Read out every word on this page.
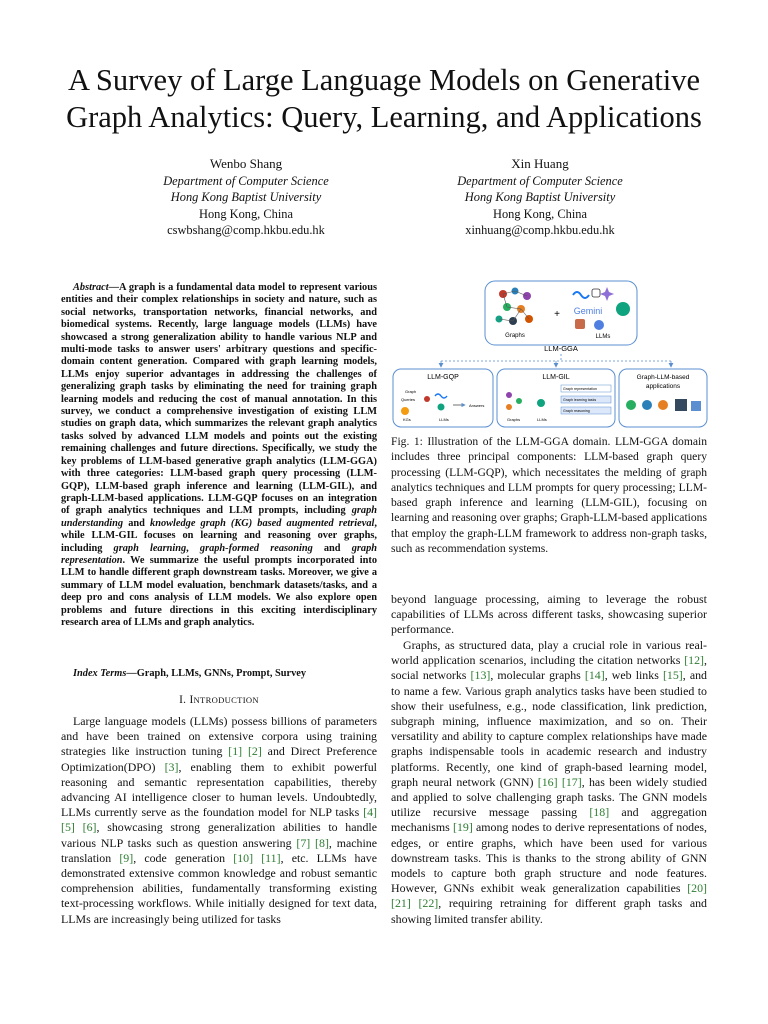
A Survey of Large Language Models on Generative Graph Analytics: Query, Learning, and Applications
Wenbo Shang
Department of Computer Science
Hong Kong Baptist University
Hong Kong, China
cswbshang@comp.hkbu.edu.hk
Xin Huang
Department of Computer Science
Hong Kong Baptist University
Hong Kong, China
xinhuang@comp.hkbu.edu.hk
Abstract—A graph is a fundamental data model to represent various entities and their complex relationships in society and nature, such as social networks, transportation networks, financial networks, and biomedical systems. Recently, large language models (LLMs) have showcased a strong generalization ability to handle various NLP and multi-mode tasks to answer users' arbitrary questions and specific-domain content generation. Compared with graph learning models, LLMs enjoy superior advantages in addressing the challenges of generalizing graph tasks by eliminating the need for training graph learning models and reducing the cost of manual annotation. In this survey, we conduct a comprehensive investigation of existing LLM studies on graph data, which summarizes the relevant graph analytics tasks solved by advanced LLM models and points out the existing remaining challenges and future directions. Specifically, we study the key problems of LLM-based generative graph analytics (LLM-GGA) with three categories: LLM-based graph query processing (LLM-GQP), LLM-based graph inference and learning (LLM-GIL), and graph-LLM-based applications. LLM-GQP focuses on an integration of graph analytics techniques and LLM prompts, including graph understanding and knowledge graph (KG) based augmented retrieval, while LLM-GIL focuses on learning and reasoning over graphs, including graph learning, graph-formed reasoning and graph representation. We summarize the useful prompts incorporated into LLM to handle different graph downstream tasks. Moreover, we give a summary of LLM model evaluation, benchmark datasets/tasks, and a deep pro and cons analysis of LLM models. We also explore open problems and future directions in this exciting interdisciplinary research area of LLMs and graph analytics.
Index Terms—Graph, LLMs, GNNs, Prompt, Survey
I. INTRODUCTION
Large language models (LLMs) possess billions of parameters and have been trained on extensive corpora using training strategies like instruction tuning [1] [2] and Direct Preference Optimization(DPO) [3], enabling them to exhibit powerful reasoning and semantic representation capabilities, thereby advancing AI intelligence closer to human levels. Undoubtedly, LLMs currently serve as the foundation model for NLP tasks [4] [5] [6], showcasing strong generalization abilities to handle various NLP tasks such as question answering [7] [8], machine translation [9], code generation [10] [11], etc. LLMs have demonstrated extensive common knowledge and robust semantic comprehension abilities, fundamentally transforming existing text-processing workflows. While initially designed for text data, LLMs are increasingly being utilized for tasks
Graphs
+ Gemini
LLMs
LLM-GGA
LLM-GQP	LLM-GIL	Graph-LLM-based
applications
Graph
Queries
KGs	LLMs
Answers
Graphs	LLMs
Graph representation
Graph learning tasks
Graph reasoning
Fig. 1: Illustration of the LLM-GGA domain. LLM-GGA domain includes three principal components: LLM-based graph query processing (LLM-GQP), which necessitates the melding of graph analytics techniques and LLM prompts for query processing; LLM-based graph inference and learning (LLM-GIL), focusing on learning and reasoning over graphs; Graph-LLM-based applications that employ the graph-LLM framework to address non-graph tasks, such as recommendation systems.
beyond language processing, aiming to leverage the robust capabilities of LLMs across different tasks, showcasing superior performance.
Graphs, as structured data, play a crucial role in various real-world application scenarios, including the citation networks [12], social networks [13], molecular graphs [14], web links [15], and to name a few. Various graph analytics tasks have been studied to show their usefulness, e.g., node classification, link prediction, subgraph mining, influence maximization, and so on. Their versatility and ability to capture complex relationships have made graphs indispensable tools in academic research and industry platforms. Recently, one kind of graph-based learning model, graph neural network (GNN) [16] [17], has been widely studied and applied to solve challenging graph tasks. The GNN models utilize recursive message passing [18] and aggregation mechanisms [19] among nodes to derive representations of nodes, edges, or entire graphs, which have been used for various downstream tasks. This is thanks to the strong ability of GNN models to capture both graph structure and node features. However, GNNs exhibit weak generalization capabilities [20] [21] [22], requiring retraining for different graph tasks and showing limited transfer ability.
